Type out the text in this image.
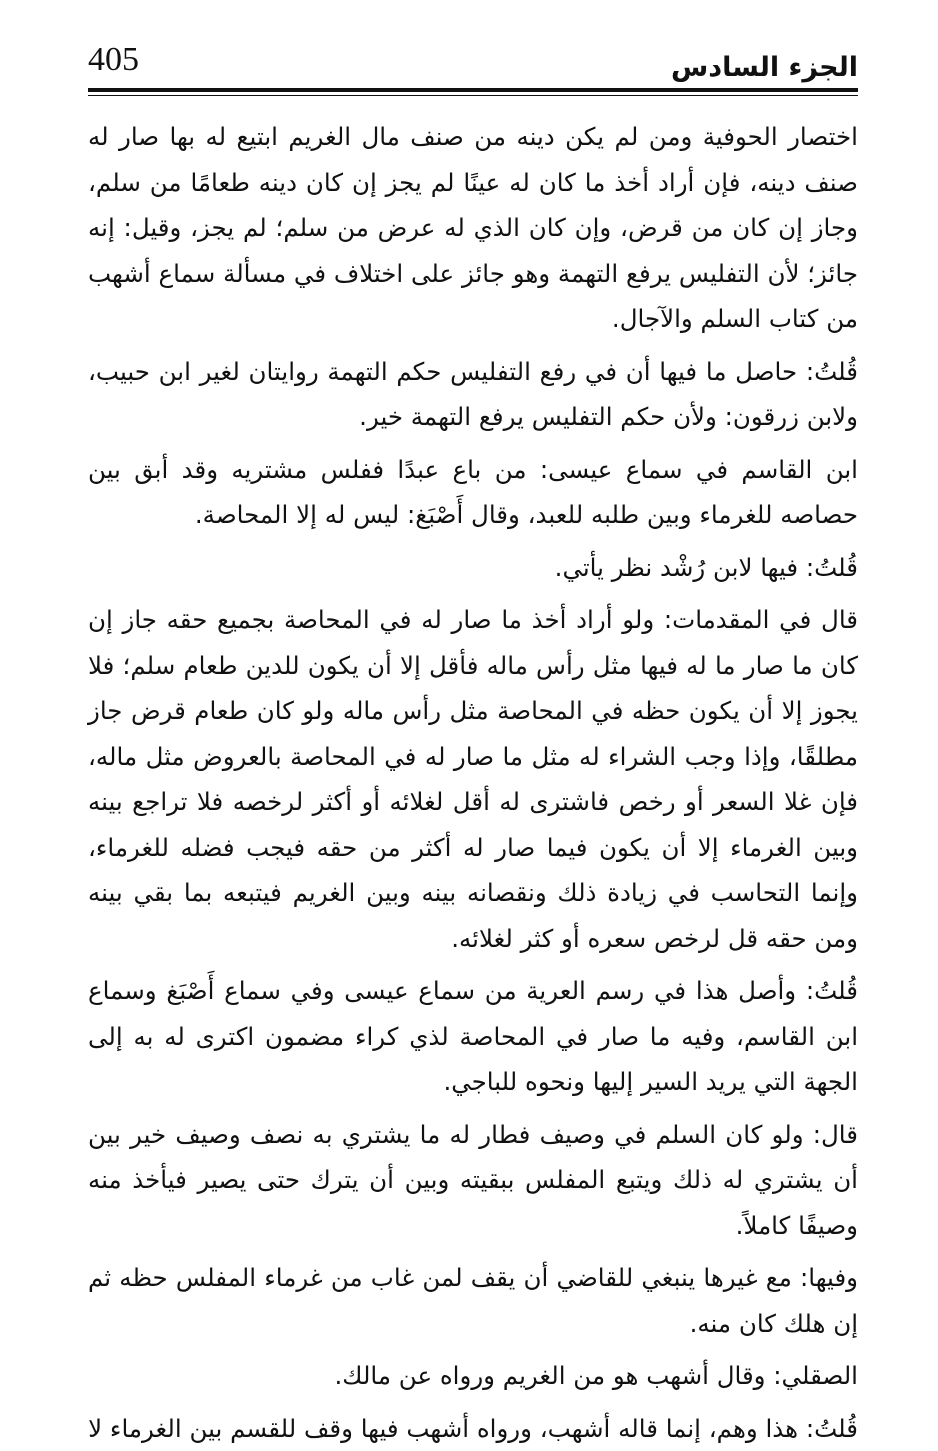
405	الجزء السادس

اختصار الحوفية ومن لم يكن دينه من صنف مال الغريم ابتيع له بها صار له صنف دينه، فإن أراد أخذ ما كان له عينًا لم يجز إن كان دينه طعامًا من سلم، وجاز إن كان من قرض، وإن كان الذي له عرض من سلم؛ لم يجز، وقيل: إنه جائز؛ لأن التفليس يرفع التهمة وهو جائز على اختلاف في مسألة سماع أشهب من كتاب السلم والآجال.

قُلتُ: حاصل ما فيها أن في رفع التفليس حكم التهمة روايتان لغير ابن حبيب، ولابن زرقون: ولأن حكم التفليس يرفع التهمة خير.

ابن القاسم في سماع عيسى: من باع عبدًا ففلس مشتريه وقد أبق بين حصاصه للغرماء وبين طلبه للعبد، وقال أَصْبَغ: ليس له إلا المحاصة.

قُلتُ: فيها لابن رُشْد نظر يأتي.

قال في المقدمات: ولو أراد أخذ ما صار له في المحاصة بجميع حقه جاز إن كان ما صار ما له فيها مثل رأس ماله فأقل إلا أن يكون للدين طعام سلم؛ فلا يجوز إلا أن يكون حظه في المحاصة مثل رأس ماله ولو كان طعام قرض جاز مطلقًا، وإذا وجب الشراء له مثل ما صار له في المحاصة بالعروض مثل ماله، فإن غلا السعر أو رخص فاشترى له أقل لغلائه أو أكثر لرخصه فلا تراجع بينه وبين الغرماء إلا أن يكون فيما صار له أكثر من حقه فيجب فضله للغرماء، وإنما التحاسب في زيادة ذلك ونقصانه بينه وبين الغريم فيتبعه بما بقي بينه ومن حقه قل لرخص سعره أو كثر لغلائه.

قُلتُ: وأصل هذا في رسم العرية من سماع عيسى وفي سماع أَصْبَغ وسماع ابن القاسم، وفيه ما صار في المحاصة لذي كراء مضمون اكترى له به إلى الجهة التي يريد السير إليها ونحوه للباجي.

قال: ولو كان السلم في وصيف فطار له ما يشتري به نصف وصيف خير بين أن يشتري له ذلك ويتبع المفلس ببقيته وبين أن يترك حتى يصير فيأخذ منه وصيفًا كاملاً.

وفيها: مع غيرها ينبغي للقاضي أن يقف لمن غاب من غرماء المفلس حظه ثم إن هلك كان منه.

الصقلي: وقال أشهب هو من الغريم ورواه عن مالك.

قُلتُ: هذا وهم، إنما قاله أشهب، ورواه أشهب فيها وقف للقسم بين الغرماء لا
